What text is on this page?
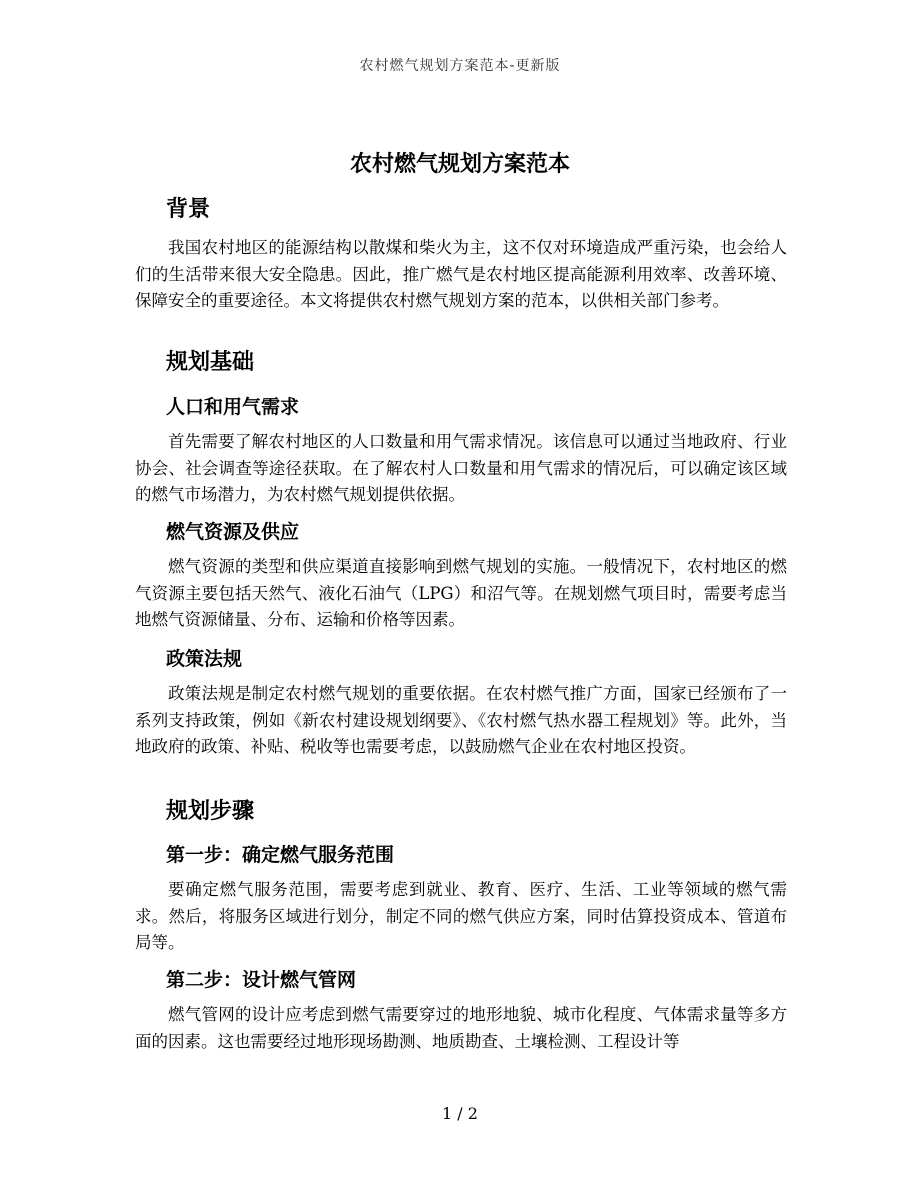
农村燃气规划方案范本-更新版
农村燃气规划方案范本
背景

我国农村地区的能源结构以散煤和柴火为主，这不仅对环境造成严重污染，也会给人们的生活带来很大安全隐患。因此，推广燃气是农村地区提高能源利用效率、改善环境、保障安全的重要途径。本文将提供农村燃气规划方案的范本，以供相关部门参考。

规划基础
人口和用气需求

首先需要了解农村地区的人口数量和用气需求情况。该信息可以通过当地政府、行业协会、社会调查等途径获取。在了解农村人口数量和用气需求的情况后，可以确定该区域的燃气市场潜力，为农村燃气规划提供依据。

燃气资源及供应

燃气资源的类型和供应渠道直接影响到燃气规划的实施。一般情况下，农村地区的燃气资源主要包括天然气、液化石油气（LPG）和沼气等。在规划燃气项目时，需要考虑当地燃气资源储量、分布、运输和价格等因素。

政策法规

政策法规是制定农村燃气规划的重要依据。在农村燃气推广方面，国家已经颁布了一系列支持政策，例如《新农村建设规划纲要》、《农村燃气热水器工程规划》等。此外，当地政府的政策、补贴、税收等也需要考虑，以鼓励燃气企业在农村地区投资。

规划步骤
第一步：确定燃气服务范围

要确定燃气服务范围，需要考虑到就业、教育、医疗、生活、工业等领域的燃气需求。然后，将服务区域进行划分，制定不同的燃气供应方案，同时估算投资成本、管道布局等。

第二步：设计燃气管网

燃气管网的设计应考虑到燃气需要穿过的地形地貌、城市化程度、气体需求量等多方面的因素。这也需要经过地形现场勘测、地质勘查、土壤检测、工程设计等

1 / 2
